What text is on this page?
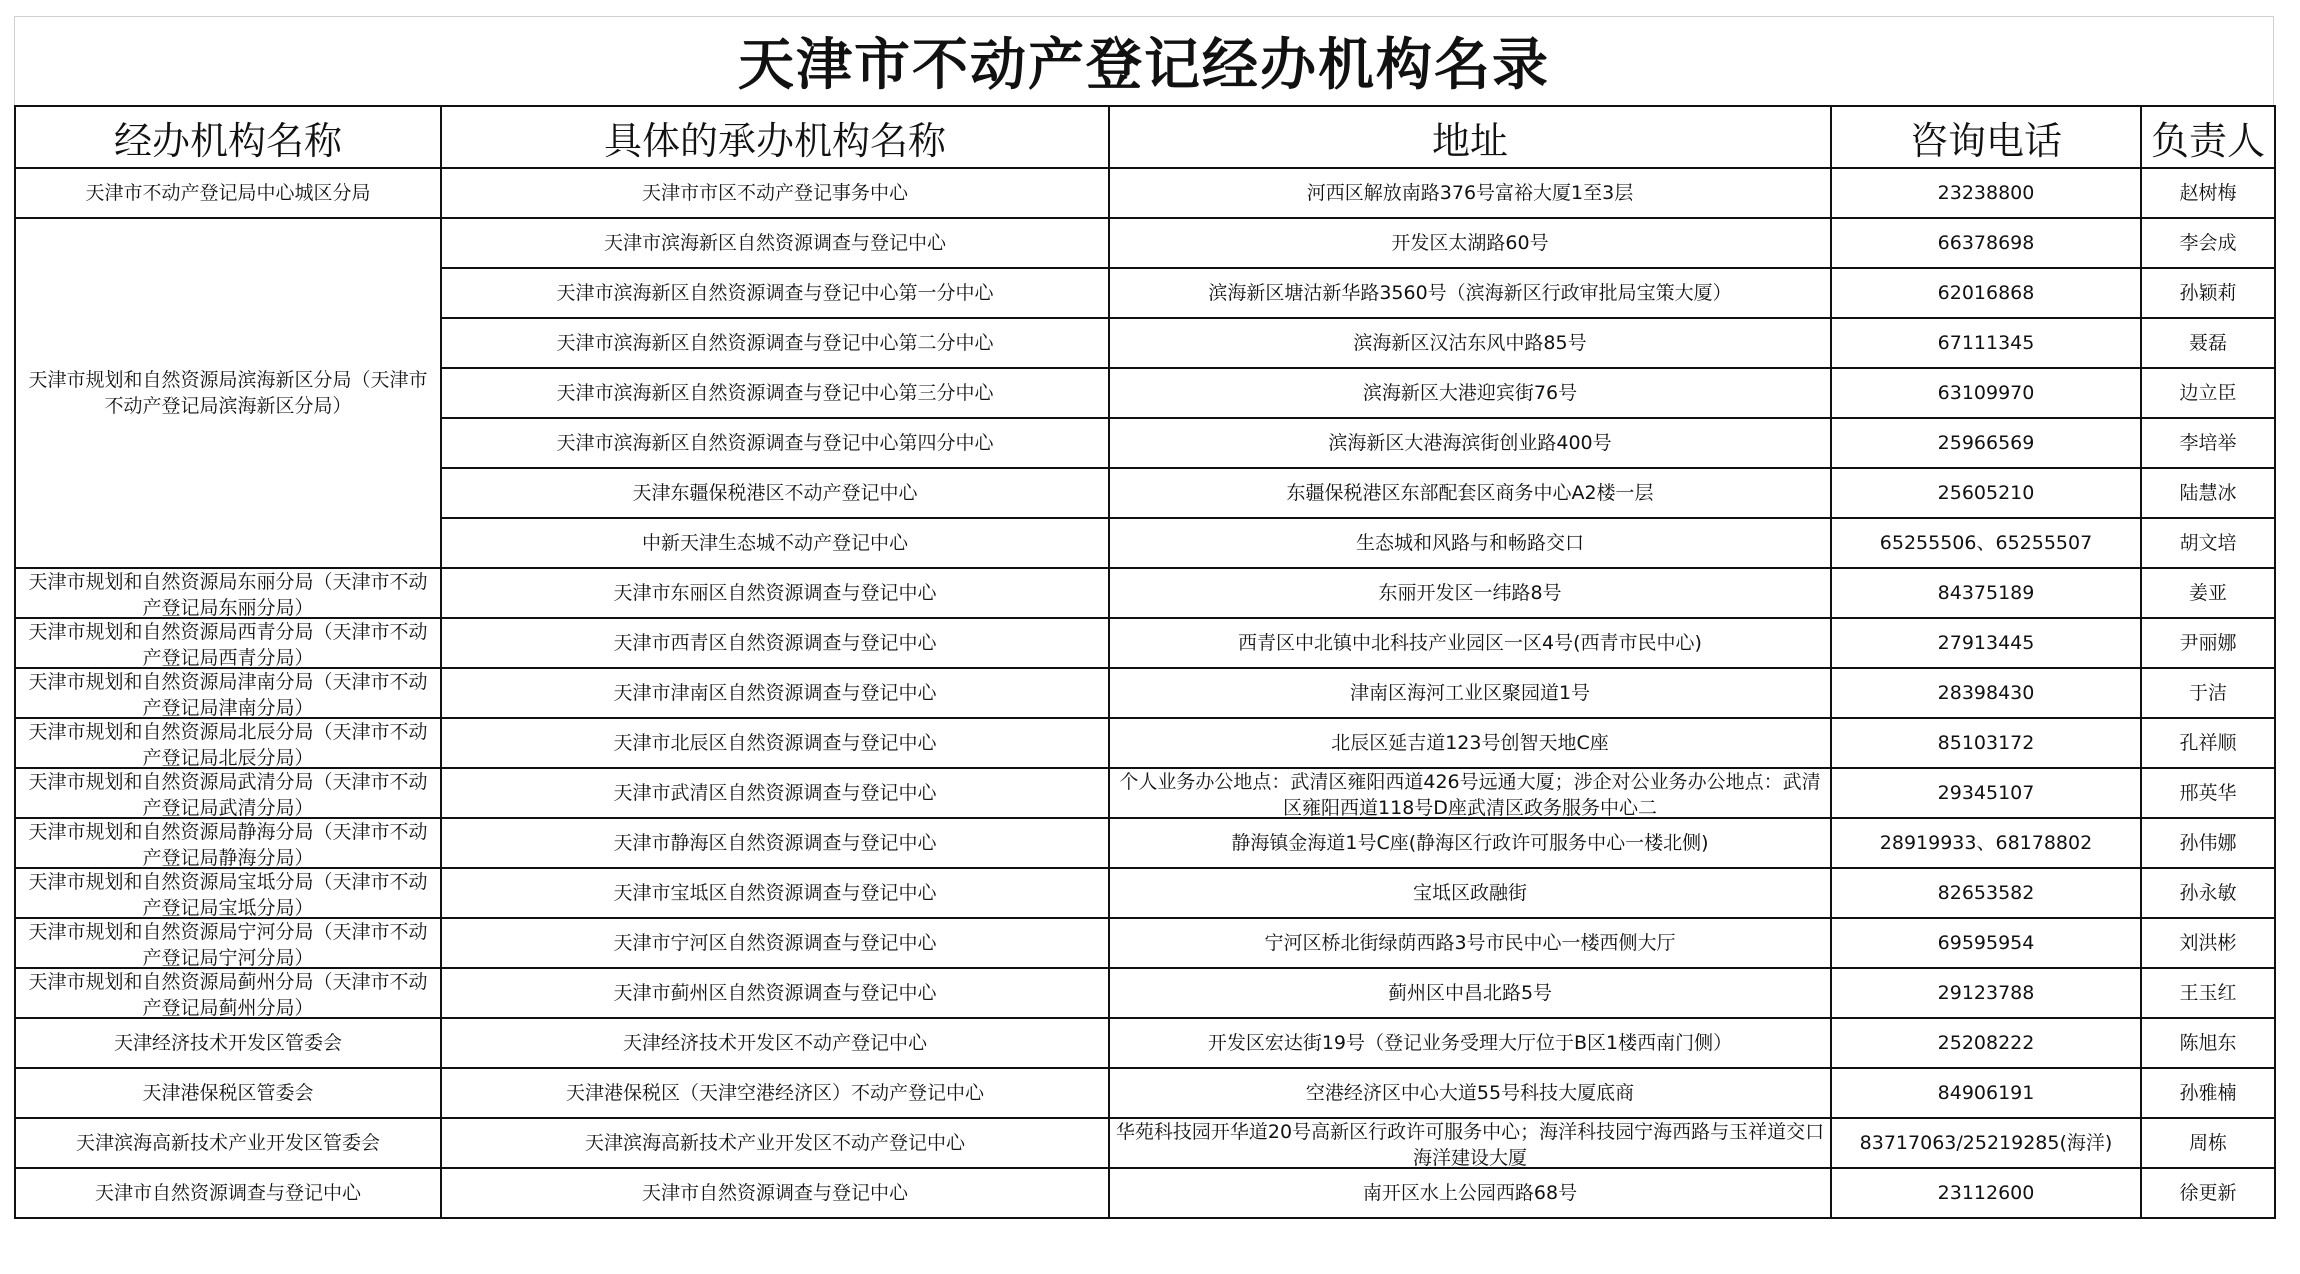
天津市不动产登记经办机构名录
经办机构名称	具体的承办机构名称	地址	咨询电话	负责人
天津市不动产登记局中心城区分局	天津市市区不动产登记事务中心	河西区解放南路376号富裕大厦1至3层	23238800	赵树梅
天津市规划和自然资源局滨海新区分局（天津市不动产登记局滨海新区分局）	天津市滨海新区自然资源调查与登记中心	开发区太湖路60号	66378698	李会成
	天津市滨海新区自然资源调查与登记中心第一分中心	滨海新区塘沽新华路3560号（滨海新区行政审批局宝策大厦）	62016868	孙颖莉
	天津市滨海新区自然资源调查与登记中心第二分中心	滨海新区汉沽东风中路85号	67111345	聂磊
	天津市滨海新区自然资源调查与登记中心第三分中心	滨海新区大港迎宾街76号	63109970	边立臣
	天津市滨海新区自然资源调查与登记中心第四分中心	滨海新区大港海滨街创业路400号	25966569	李培举
	天津东疆保税港区不动产登记中心	东疆保税港区东部配套区商务中心A2楼一层	25605210	陆慧冰
	中新天津生态城不动产登记中心	生态城和风路与和畅路交口	65255506、65255507	胡文培

天津市规划和自然资源局东丽分局（天津市不动产登记局东丽分局）	天津市东丽区自然资源调查与登记中心	东丽开发区一纬路8号	84375189	姜亚

天津市规划和自然资源局西青分局（天津市不动产登记局西青分局）	天津市西青区自然资源调查与登记中心	西青区中北镇中北科技产业园区一区4号(西青市民中心)	27913445	尹丽娜

天津市规划和自然资源局津南分局（天津市不动产登记局津南分局）	天津市津南区自然资源调查与登记中心	津南区海河工业区聚园道1号	28398430	于洁

天津市规划和自然资源局北辰分局（天津市不动产登记局北辰分局）	天津市北辰区自然资源调查与登记中心	北辰区延吉道123号创智天地C座	85103172	孔祥顺

天津市规划和自然资源局武清分局（天津市不动产登记局武清分局）	天津市武清区自然资源调查与登记中心	个人业务办公地点：武清区雍阳西道426号远通大厦；涉企对公业务办公地点：武清区雍阳西道118号D座武清区政务服务中心二	29345107	邢英华

天津市规划和自然资源局静海分局（天津市不动产登记局静海分局）	天津市静海区自然资源调查与登记中心	静海镇金海道1号C座(静海区行政许可服务中心一楼北侧)	28919933、68178802	孙伟娜

天津市规划和自然资源局宝坻分局（天津市不动产登记局宝坻分局）	天津市宝坻区自然资源调查与登记中心	宝坻区政融街	82653582	孙永敏

天津市规划和自然资源局宁河分局（天津市不动产登记局宁河分局）	天津市宁河区自然资源调查与登记中心	宁河区桥北街绿荫西路3号市民中心一楼西侧大厅	69595954	刘洪彬

天津市规划和自然资源局蓟州分局（天津市不动产登记局蓟州分局）	天津市蓟州区自然资源调查与登记中心	蓟州区中昌北路5号	29123788	王玉红
天津经济技术开发区管委会	天津经济技术开发区不动产登记中心	开发区宏达街19号（登记业务受理大厅位于B区1楼西南门侧）	25208222	陈旭东
天津港保税区管委会	天津港保税区（天津空港经济区）不动产登记中心	空港经济区中心大道55号科技大厦底商	84906191	孙雅楠
天津滨海高新技术产业开发区管委会	天津滨海高新技术产业开发区不动产登记中心	华苑科技园开华道20号高新区行政许可服务中心；海洋科技园宁海西路与玉祥道交口海洋建设大厦	83717063/25219285(海洋)	周栋
天津市自然资源调查与登记中心	天津市自然资源调查与登记中心	南开区水上公园西路68号	23112600	徐更新
